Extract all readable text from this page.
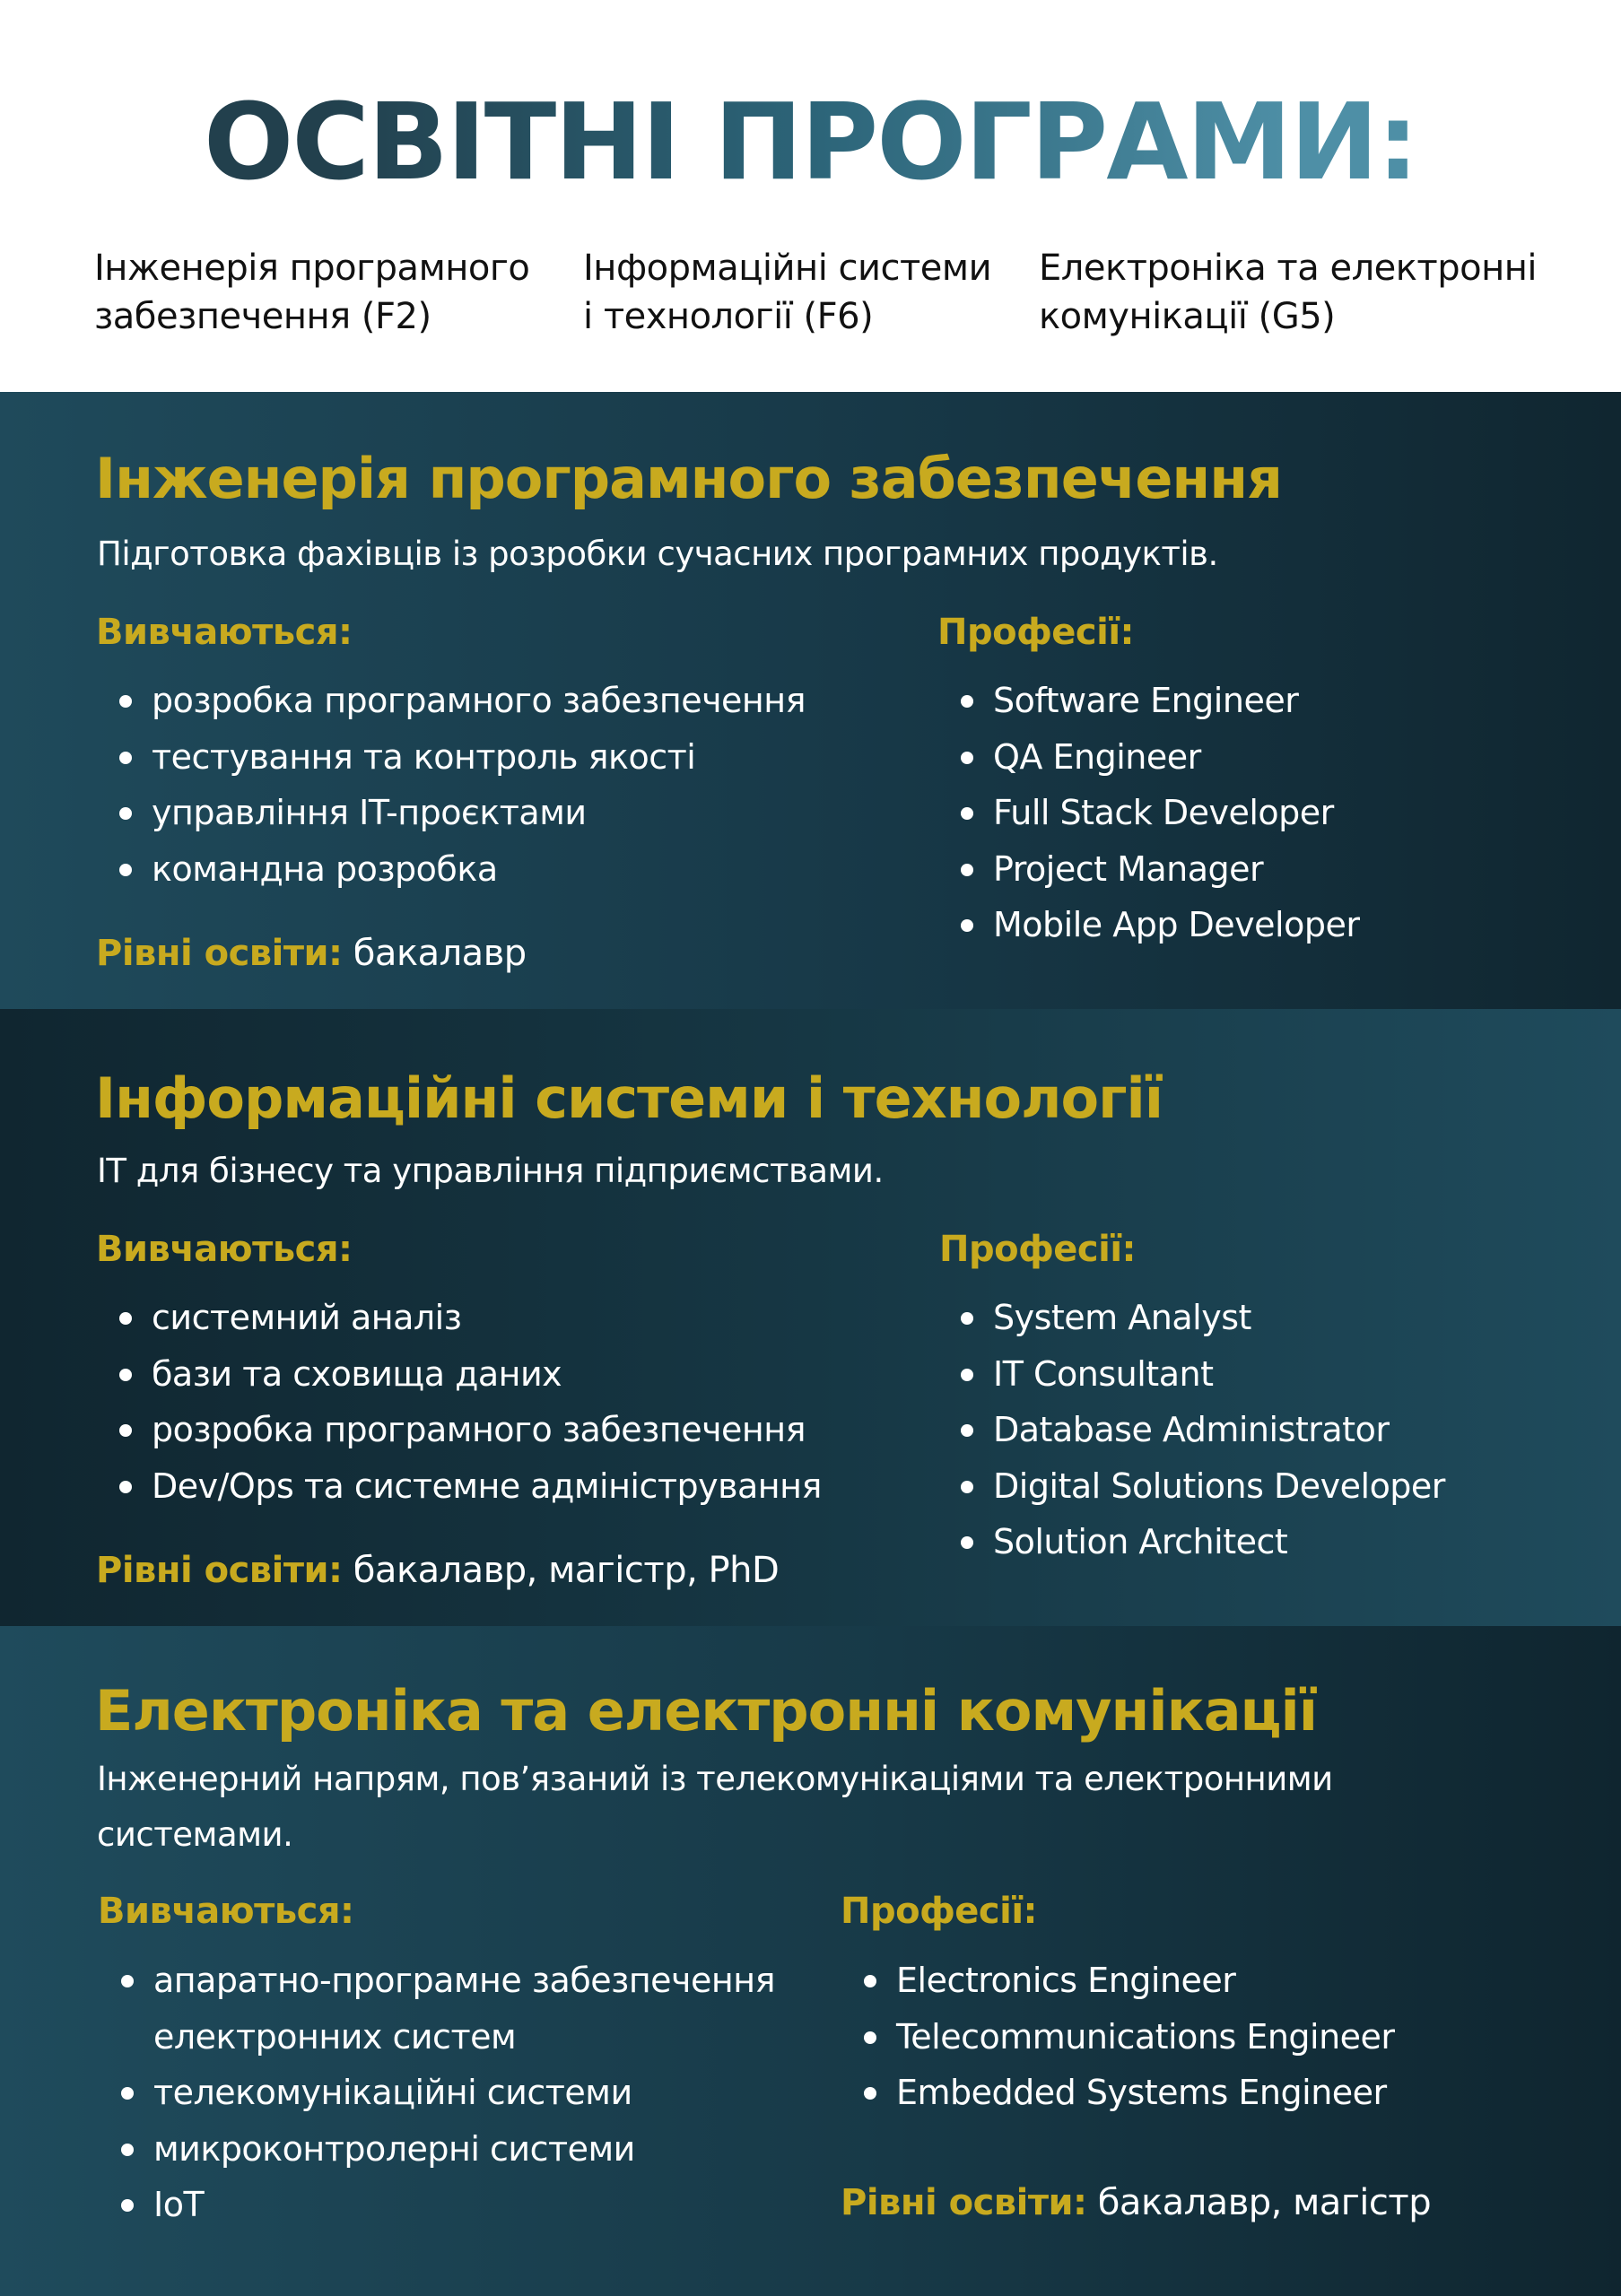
ОСВІТНІ ПРОГРАМИ:
Інженерія програмного
забезпечення (F2)
Інформаційні системи
і технології (F6)
Електроніка та електронні
комунікації (G5)
Інженерія програмного забезпечення
Підготовка фахівців із розробки сучасних програмних продуктів.
Вивчаються:
розробка програмного забезпечення
тестування та контроль якості
управління IT-проєктами
командна розробка
Рівні освіти: бакалавр
Професії:
Software Engineer
QA Engineer
Full Stack Developer
Project Manager
Mobile App Developer
Інформаційні системи і технології
IT для бізнесу та управління підприємствами.
Вивчаються:
системний аналіз
бази та сховища даних
розробка програмного забезпечення
Dev/Ops та системне адміністрування
Рівні освіти: бакалавр, магістр, PhD
Професії:
System Analyst
IT Consultant
Database Administrator
Digital Solutions Developer
Solution Architect
Електроніка та електронні комунікації
Інженерний напрям, пов’язаний із телекомунікаціями та електронними
системами.
Вивчаються:
апаратно-програмне забезпечення електронних систем
телекомунікаційні системи
микроконтролерні системи
IoT
Професії:
Electronics Engineer
Telecommunications Engineer
Embedded Systems Engineer
Рівні освіти: бакалавр, магістр
